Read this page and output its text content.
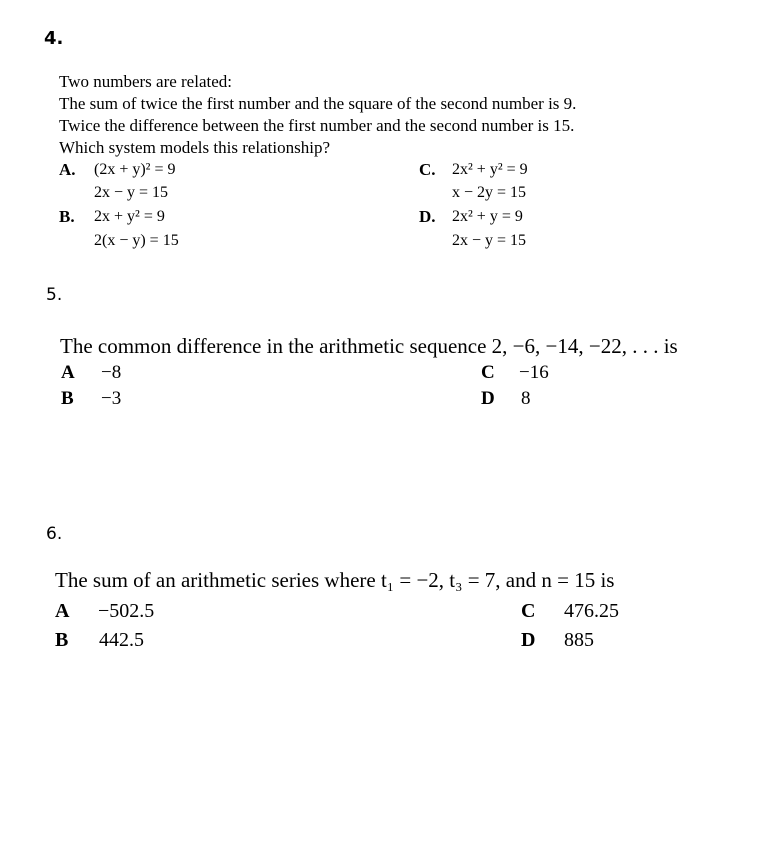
4.
Two numbers are related:
The sum of twice the first number and the square of the second number is 9.
Twice the difference between the first number and the second number is 15.
Which system models this relationship?
A. (2x + y)² = 9
2x − y = 15
B. 2x + y² = 9
2(x − y) = 15
C. 2x² + y² = 9
x − 2y = 15
D. 2x² + y = 9
2x − y = 15
5.
The common difference in the arithmetic sequence 2, −6, −14, −22, . . . is
A −8
B −3
C −16
D 8
6.
The sum of an arithmetic series where t₁ = −2, t₃ = 7, and n = 15 is
A −502.5
B 442.5
C 476.25
D 885
